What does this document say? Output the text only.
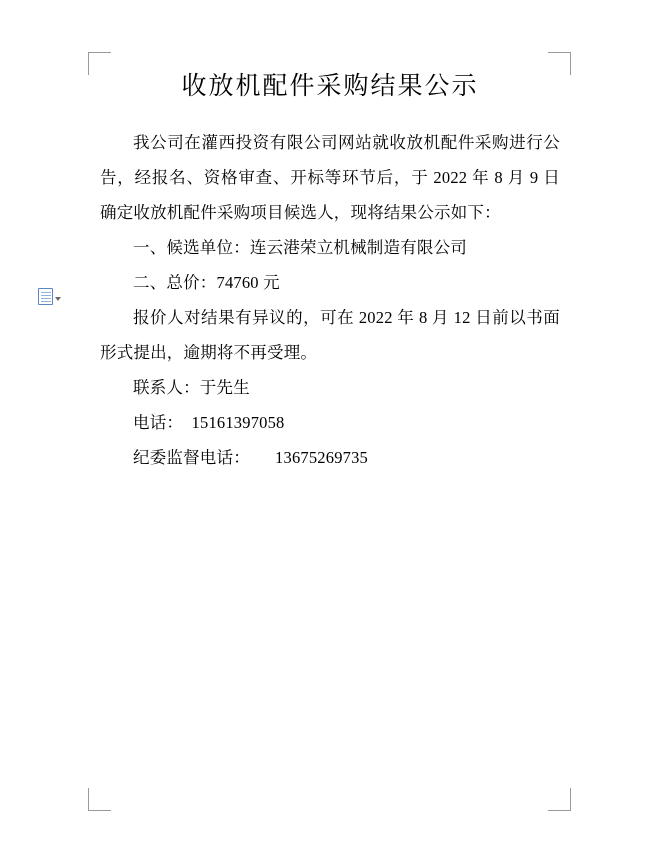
收放机配件采购结果公示

我公司在灌西投资有限公司网站就收放机配件采购进行公告，经报名、资格审查、开标等环节后，于 2022 年 8 月 9 日确定收放机配件采购项目候选人，现将结果公示如下：

一、候选单位：连云港荣立机械制造有限公司

二、总价：74760 元

报价人对结果有异议的，可在 2022 年 8 月 12 日前以书面形式提出，逾期将不再受理。

联系人：于先生

电话：　15161397058

纪委监督电话：　　13675269735
